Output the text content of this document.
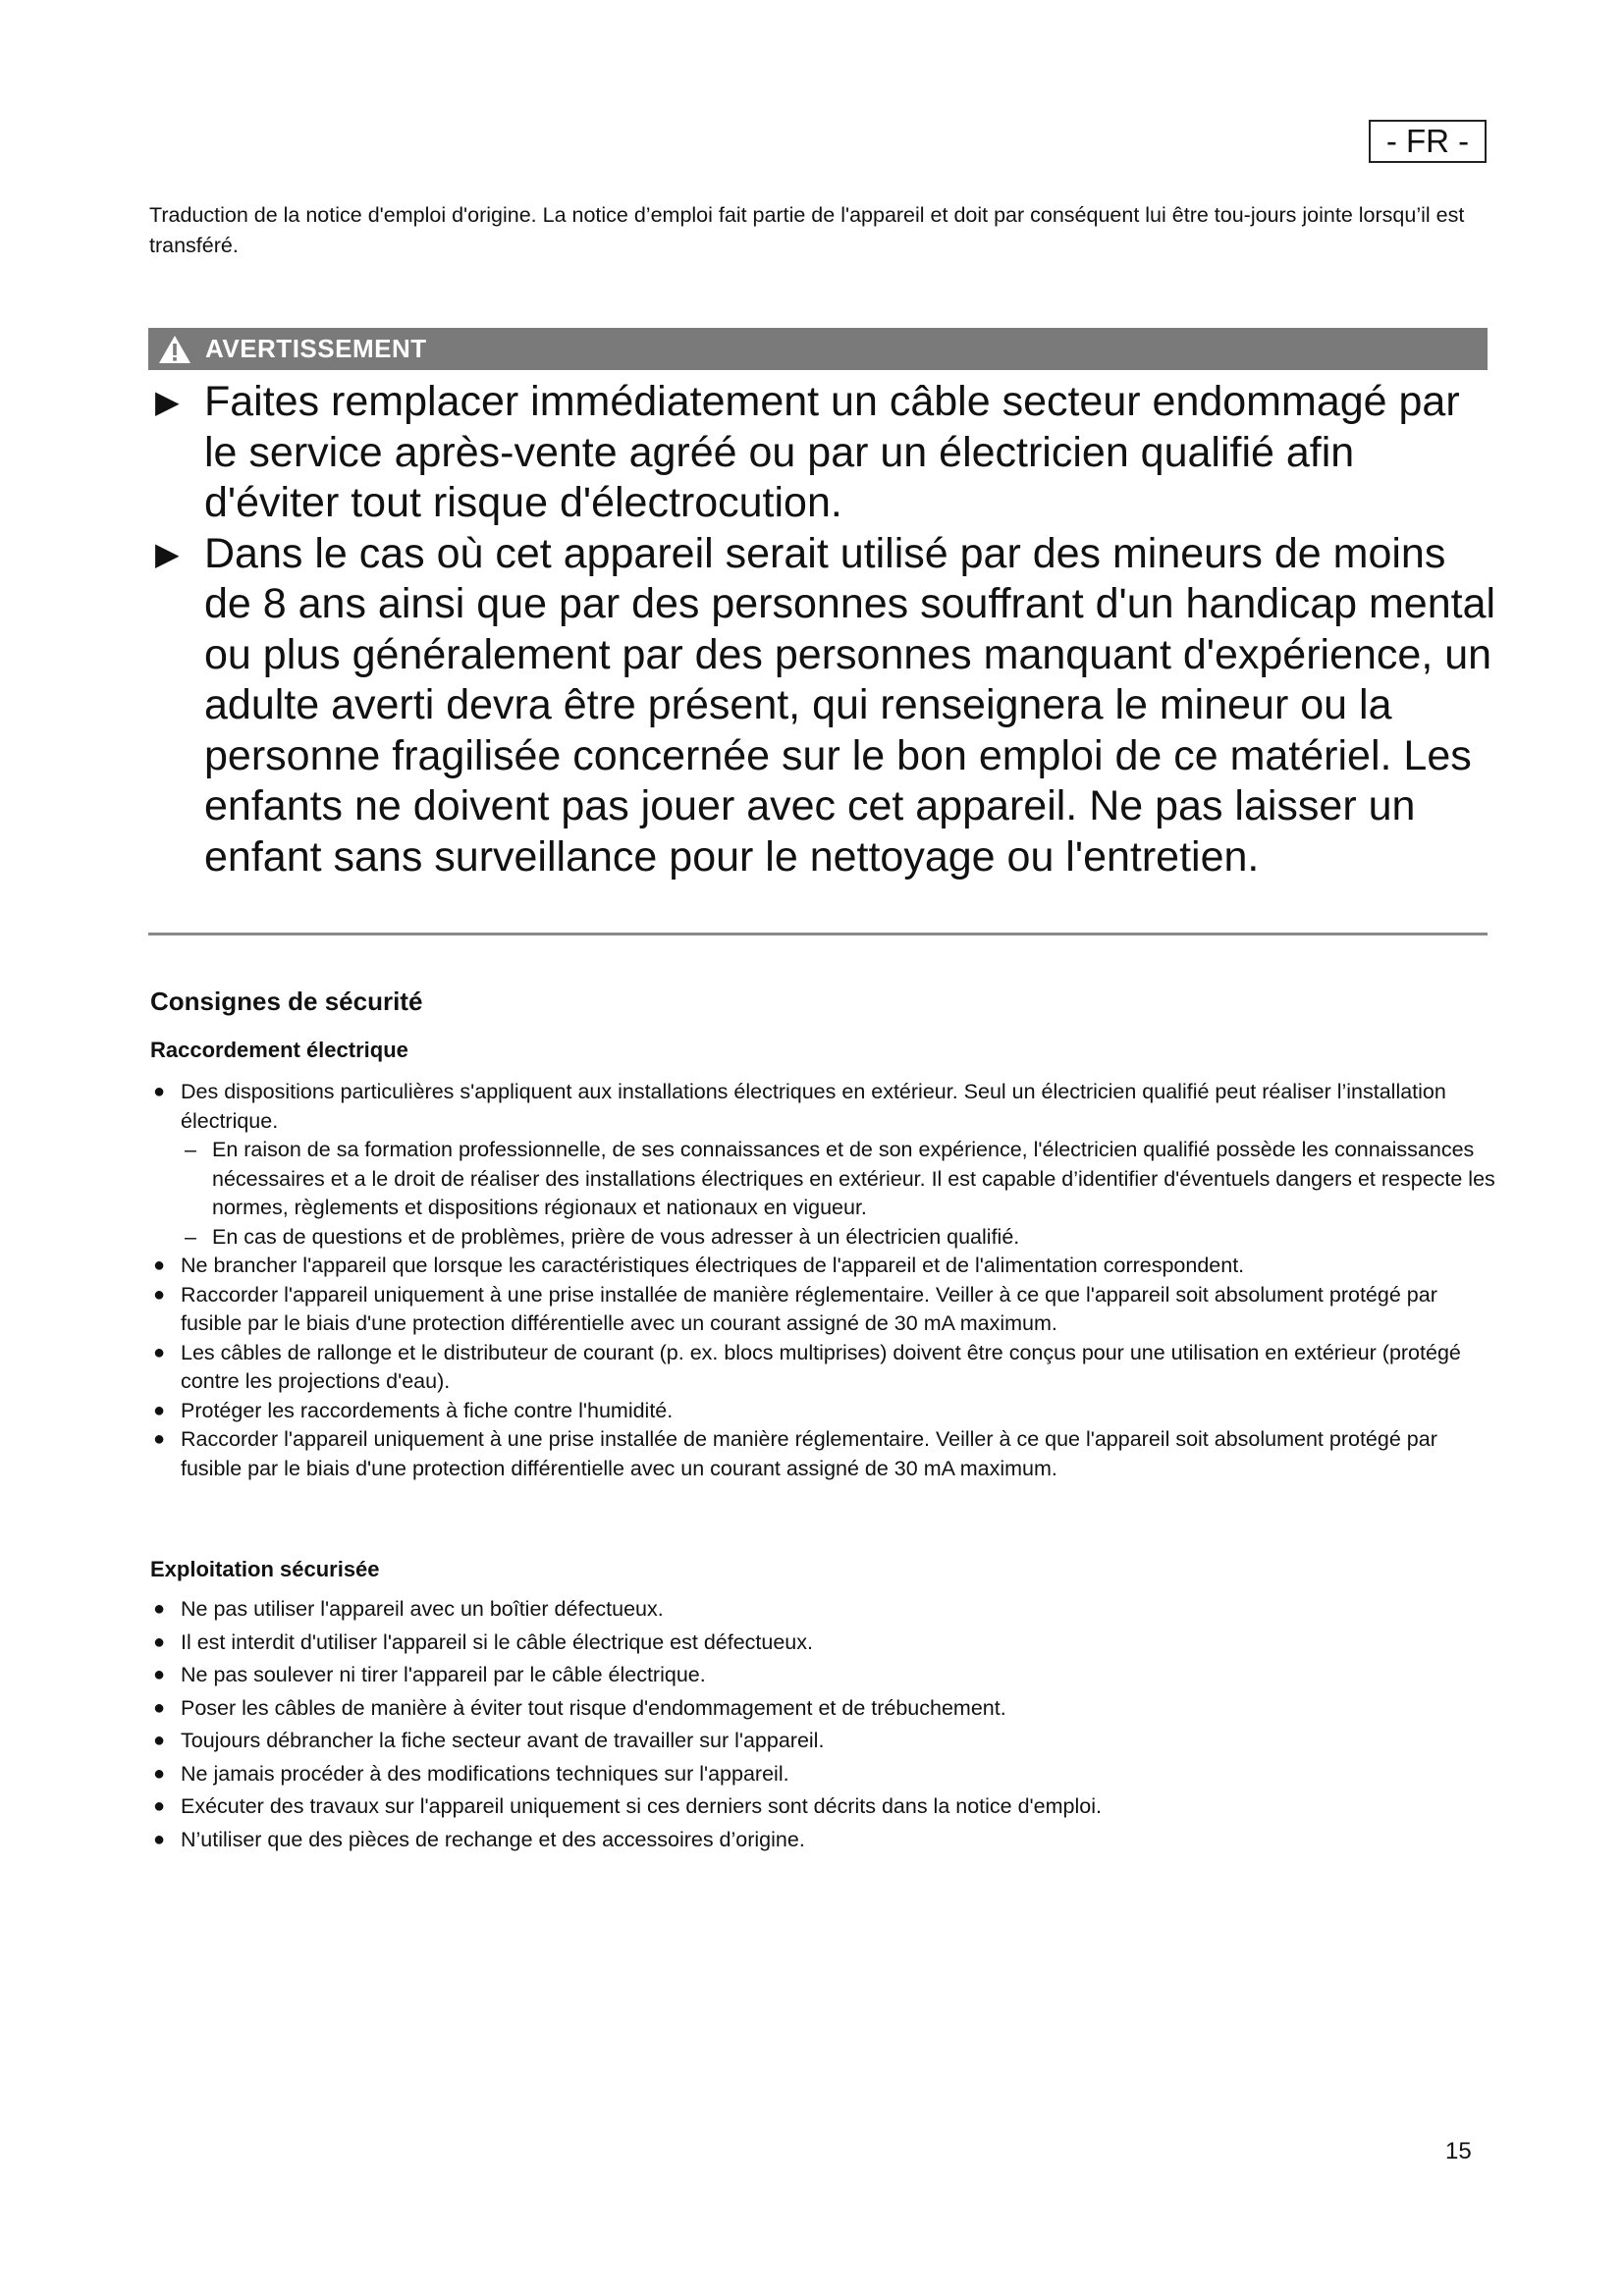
- FR -
Traduction de la notice d'emploi d'origine. La notice d’emploi fait partie de l'appareil et doit par conséquent lui être tou-jours jointe lorsqu’il est transféré.
AVERTISSEMENT
▶ Faites remplacer immédiatement un câble secteur endommagé par le service après-vente agréé ou par un électricien qualifié afin d'éviter tout risque d'électrocution.
▶ Dans le cas où cet appareil serait utilisé par des mineurs de moins de 8 ans ainsi que par des personnes souffrant d'un handicap mental ou plus généralement par des personnes manquant d'expérience, un adulte averti devra être présent, qui renseignera le mineur ou la personne fragilisée concernée sur le bon emploi de ce matériel. Les enfants ne doivent pas jouer avec cet appareil. Ne pas laisser un enfant sans surveillance pour le nettoyage ou l'entretien.
Consignes de sécurité
Raccordement électrique
● Des dispositions particulières s'appliquent aux installations électriques en extérieur. Seul un électricien qualifié peut réaliser l’installation électrique.
– En raison de sa formation professionnelle, de ses connaissances et de son expérience, l'électricien qualifié possède les connaissances nécessaires et a le droit de réaliser des installations électriques en extérieur. Il est capable d’identifier d'éventuels dangers et respecte les normes, règlements et dispositions régionaux et nationaux en vigueur.
– En cas de questions et de problèmes, prière de vous adresser à un électricien qualifié.
● Ne brancher l'appareil que lorsque les caractéristiques électriques de l'appareil et de l'alimentation correspondent.
● Raccorder l'appareil uniquement à une prise installée de manière réglementaire. Veiller à ce que l'appareil soit absolument protégé par fusible par le biais d'une protection différentielle avec un courant assigné de 30 mA maximum.
● Les câbles de rallonge et le distributeur de courant (p. ex. blocs multiprises) doivent être conçus pour une utilisation en extérieur (protégé contre les projections d'eau).
● Protéger les raccordements à fiche contre l'humidité.
● Raccorder l'appareil uniquement à une prise installée de manière réglementaire. Veiller à ce que l'appareil soit absolument protégé par fusible par le biais d'une protection différentielle avec un courant assigné de 30 mA maximum.
Exploitation sécurisée
● Ne pas utiliser l'appareil avec un boîtier défectueux.
● Il est interdit d'utiliser l'appareil si le câble électrique est défectueux.
● Ne pas soulever ni tirer l'appareil par le câble électrique.
● Poser les câbles de manière à éviter tout risque d'endommagement et de trébuchement.
● Toujours débrancher la fiche secteur avant de travailler sur l'appareil.
● Ne jamais procéder à des modifications techniques sur l'appareil.
● Exécuter des travaux sur l'appareil uniquement si ces derniers sont décrits dans la notice d'emploi.
● N’utiliser que des pièces de rechange et des accessoires d’origine.
15
